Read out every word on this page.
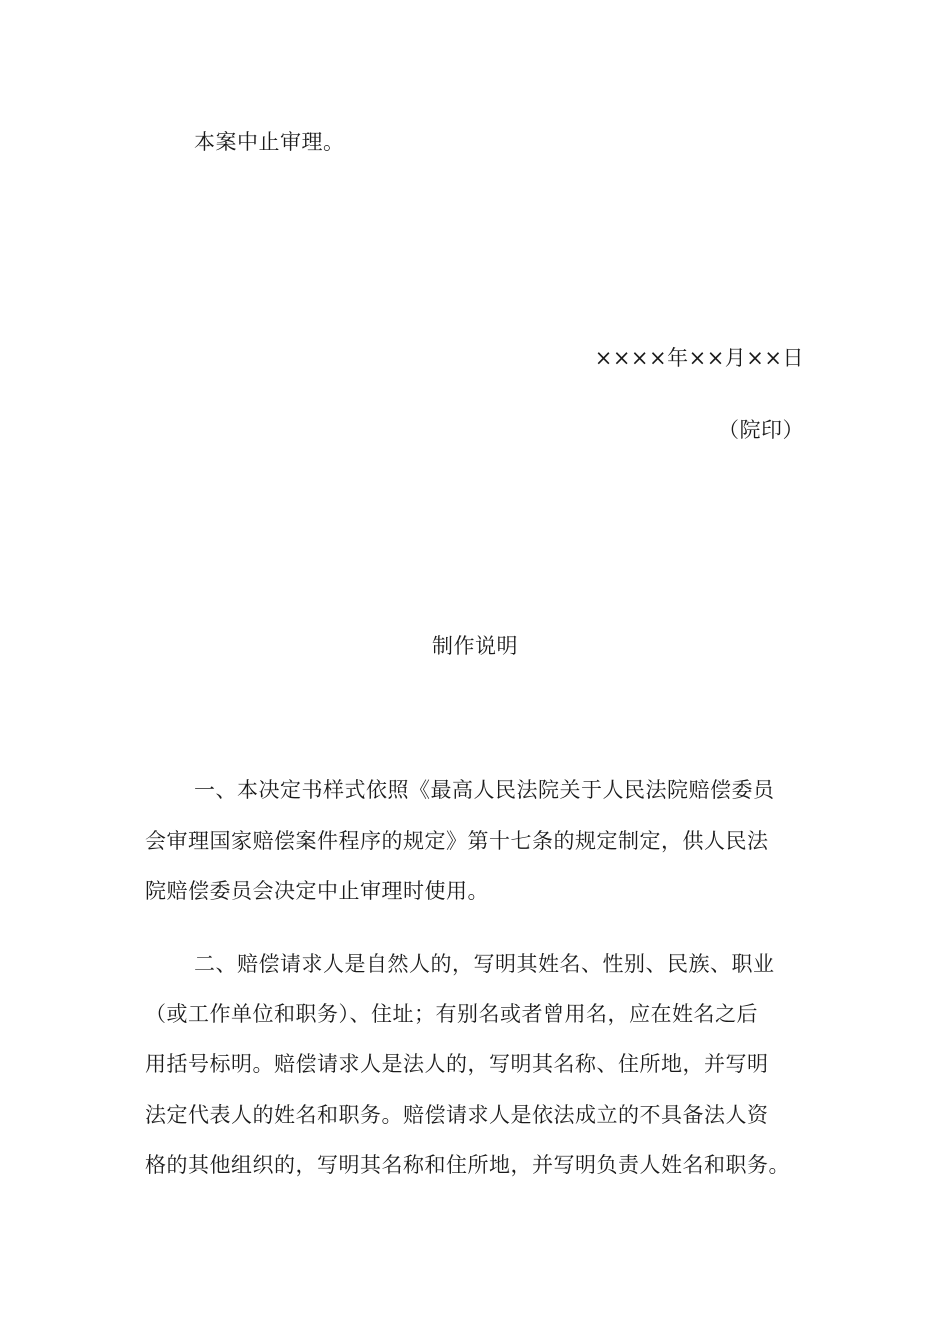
本案中止审理。
××××年××月××日
（院印）
制作说明
一、本决定书样式依照《最高人民法院关于人民法院赔偿委员
会审理国家赔偿案件程序的规定》第十七条的规定制定，供人民法
院赔偿委员会决定中止审理时使用。
二、赔偿请求人是自然人的，写明其姓名、性别、民族、职业
（或工作单位和职务）、住址；有别名或者曾用名，应在姓名之后
用括号标明。赔偿请求人是法人的，写明其名称、住所地，并写明
法定代表人的姓名和职务。赔偿请求人是依法成立的不具备法人资
格的其他组织的，写明其名称和住所地，并写明负责人姓名和职务。
